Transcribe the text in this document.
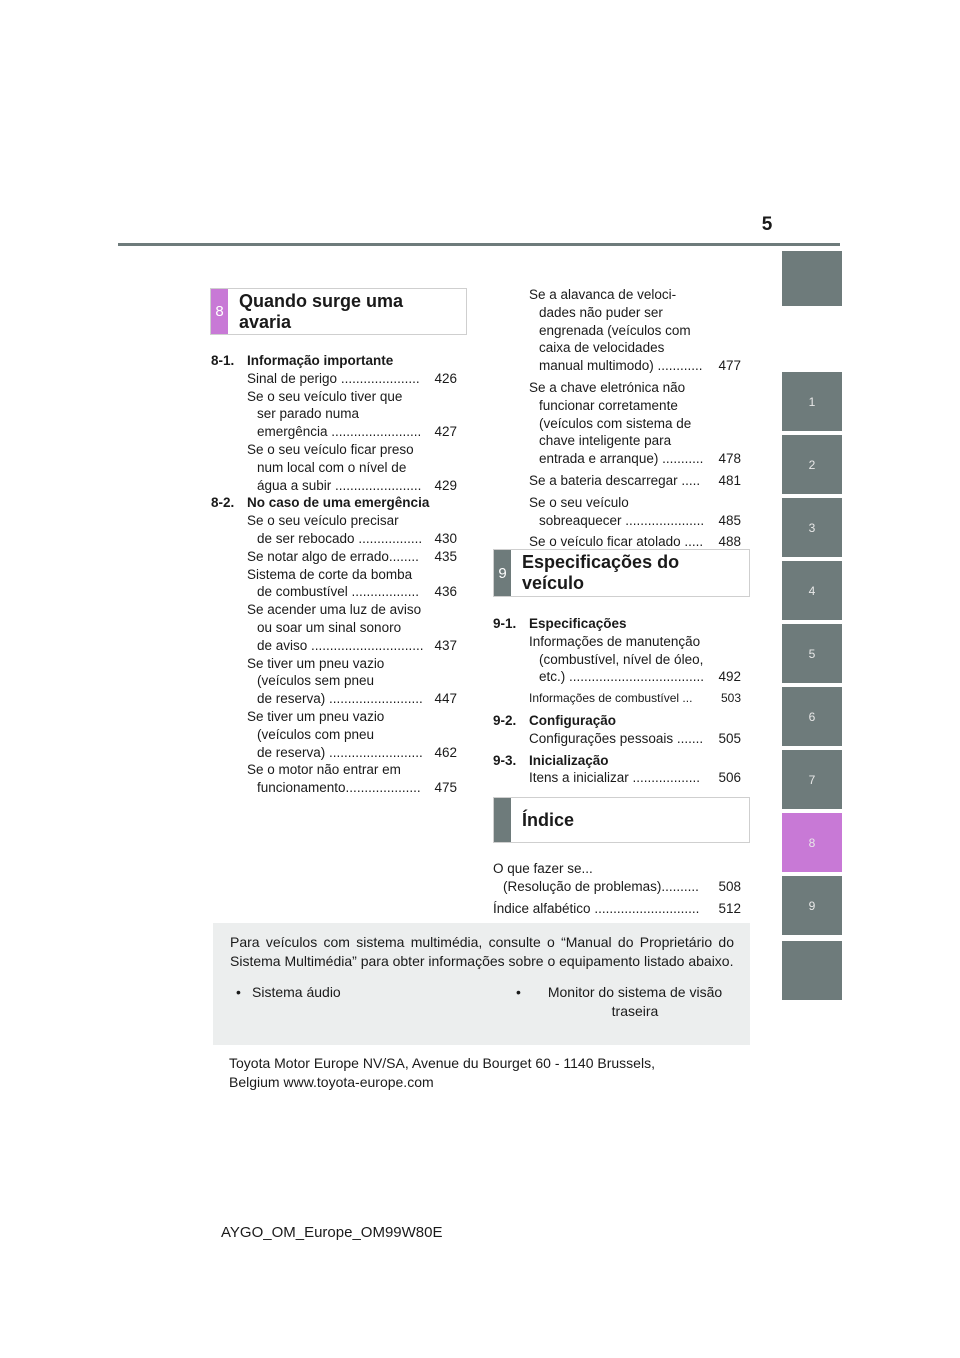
5
1
2
3
4
5
6
7
8
9
8
Quando surge uma avaria
9
Especificações do veículo
Índice
8-1. Informação importante
Sinal de perigo .....................	426
Se o seu veículo tiver que
ser parado numa
emergência ........................ 427
Se o seu veículo ficar preso
num local com o nível de
água a subir ....................... 429
8-2. No caso de uma emergência
Se o seu veículo precisar
de ser rebocado ................. 430
Se notar algo de errado........	435
Sistema de corte da bomba
de combustível ..................	436
Se acender uma luz de aviso
ou soar um sinal sonoro
de aviso .............................. 437
Se tiver um pneu vazio
(veículos sem pneu
de reserva) ......................... 447
Se tiver um pneu vazio
(veículos com pneu
de reserva) ......................... 462
Se o motor não entrar em
funcionamento....................	475
Se a alavanca de veloci-
dades não puder ser
engrenada (veículos com
caixa de velocidades
manual multimodo) ............	477
Se a chave eletrónica não
funcionar corretamente
(veículos com sistema de
chave inteligente para
entrada e arranque) ...........	478
Se a bateria descarregar .....	481
Se o seu veículo
sobreaquecer .....................	485
Se o veículo ficar atolado .....	488
9-1. Especificações
Informações de manutenção
(combustível, nível de óleo,
etc.) ....................................	492
Informações de combustível ...	503
9-2. Configuração
Configurações pessoais .......	505
9-3. Inicialização
Itens a inicializar ..................	506
O que fazer se...
(Resolução de problemas)..........	508
Índice alfabético ............................	512

Para veículos com sistema multimédia, consulte o “Manual do Proprietário do Sistema Multimédia” para obter informações sobre o equipamento listado abaixo.

• Sistema áudio	•	Monitor do sistema de visão traseira
Toyota Motor Europe NV/SA, Avenue du Bourget 60 - 1140 Brussels, Belgium www.toyota-europe.com
AYGO_OM_Europe_OM99W80E
